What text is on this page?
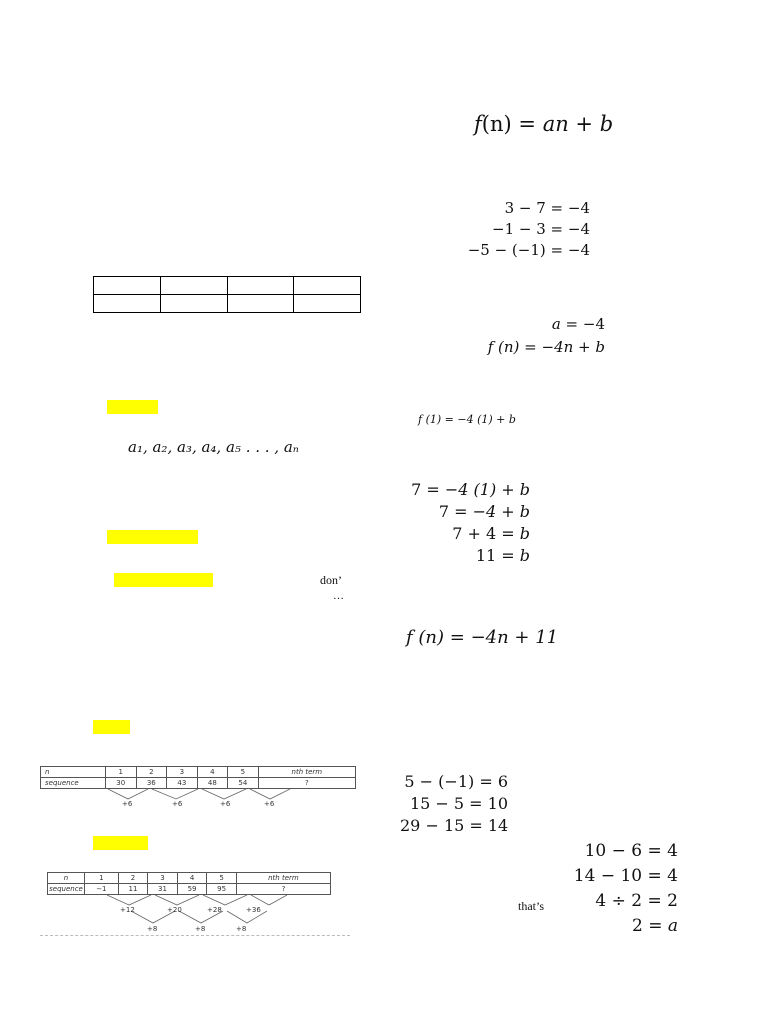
f(n) = an + b
3 − 7 = −4
−1 − 3 = −4
−5 − (−1) = −4
a = −4
f (n) = −4n + b
f (1) = −4 (1) + b
7 = −4 (1) + b
7 = −4 + b
7 + 4 = b
11 = b
f (n) = −4n + 11
5 − (−1) = 6
15 − 5 = 10
29 − 15 = 14
10 − 6 = 4
14 − 10 = 4
4 ÷ 2 = 2
2 = a
that’s

a₁, a₂, a₃, a₄, a₅ . . . , aₙ
don’
…
n	1	2	3	4	5	nth term
sequence	30	36	43	48	54	?
+6	+6	+6	+6
n	1	2	3	4	5	nth term
sequence	−1	11	31	59	95	?
+12	+20	+28	+36
+8	+8	+8
